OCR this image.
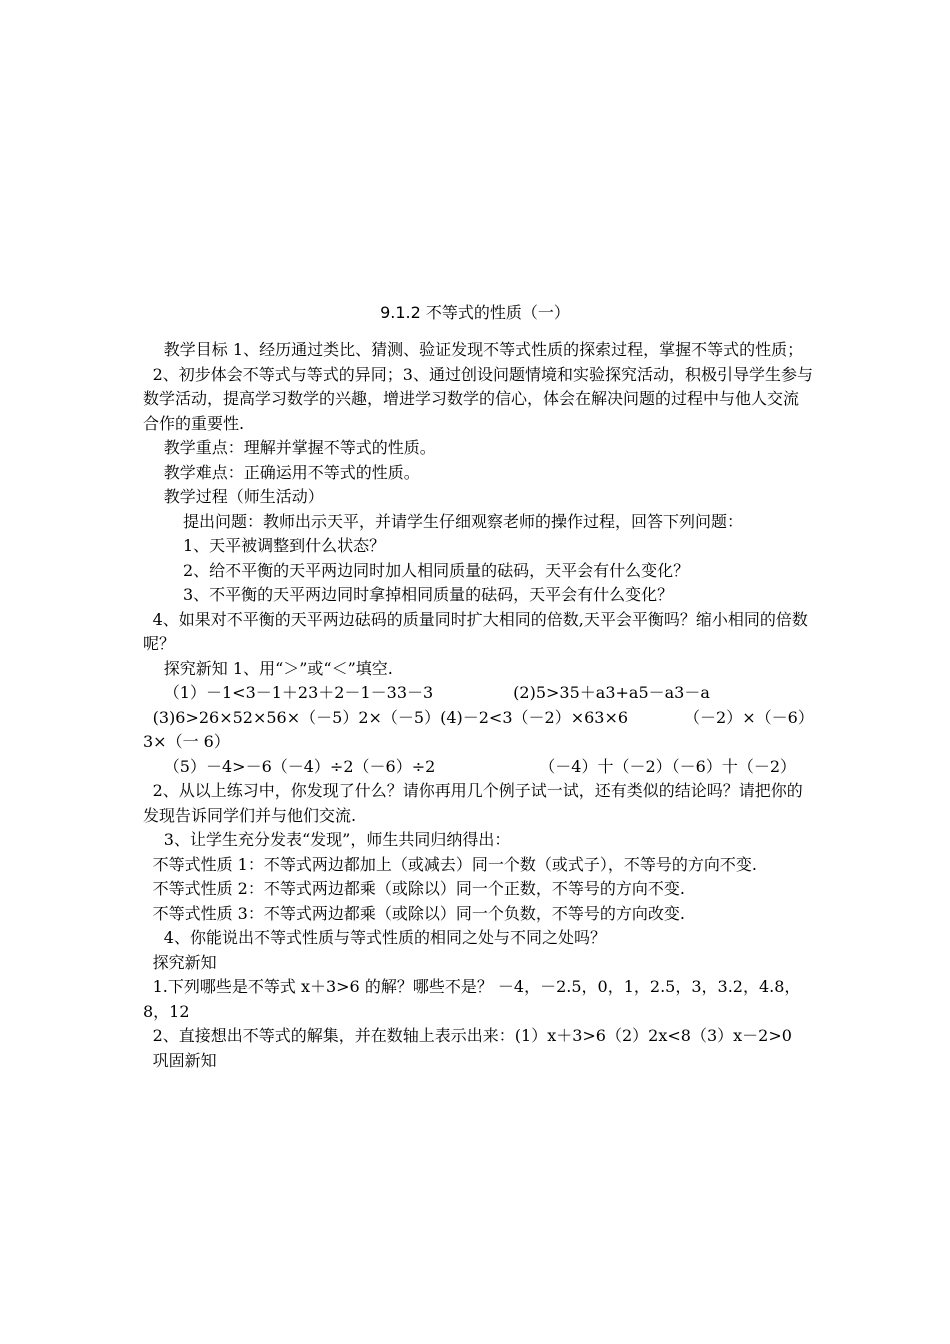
9.1.2 不等式的性质（一）

教学目标 1、经历通过类比、猜测、验证发现不等式性质的探索过程，掌握不等式的性质；

2、初步体会不等式与等式的异同；3、通过创设问题情境和实验探究活动，积极引导学生参与数学活动，提高学习数学的兴趣，增进学习数学的信心，体会在解决问题的过程中与他人交流合作的重要性.

教学重点：理解并掌握不等式的性质。

教学难点：正确运用不等式的性质。

教学过程（师生活动）

提出问题：教师出示天平，并请学生仔细观察老师的操作过程，回答下列问题：

1、天平被调整到什么状态？

2、给不平衡的天平两边同时加人相同质量的砝码，天平会有什么变化？

3、不平衡的天平两边同时拿掉相同质量的砝码，天平会有什么变化？

4、如果对不平衡的天平两边砝码的质量同时扩大相同的倍数,天平会平衡吗？缩小相同的倍数呢？

探究新知 1、用“＞”或“＜”填空.

（1）－1<3－1＋23＋2－1－33－3　　　　　(2)5>35＋a3+a5－a3－a

(3)6>26×52×56×（－5）2×（－5）(4)－2<3（－2）×63×6　　　　（－2）×（－6）3×（一 6）

（5）－4>－6（－4）÷2（－6）÷2　　　　　　　（－4）十（－2）（－6）十（－2）

2、从以上练习中，你发现了什么？请你再用几个例子试一试，还有类似的结论吗？请把你的发现告诉同学们并与他们交流.

3、让学生充分发表“发现”，师生共同归纳得出：

不等式性质 1：不等式两边都加上（或减去）同一个数（或式子），不等号的方向不变.

不等式性质 2：不等式两边都乘（或除以）同一个正数，不等号的方向不变.

不等式性质 3：不等式两边都乘（或除以）同一个负数，不等号的方向改变.

4、你能说出不等式性质与等式性质的相同之处与不同之处吗？

探究新知

1.下列哪些是不等式 x＋3>6 的解？哪些不是？ －4，－2.5，0，1，2.5，3，3.2，4.8，8，12

2、直接想出不等式的解集，并在数轴上表示出来：(1）x＋3>6（2）2x<8（3）x－2>0

巩固新知
